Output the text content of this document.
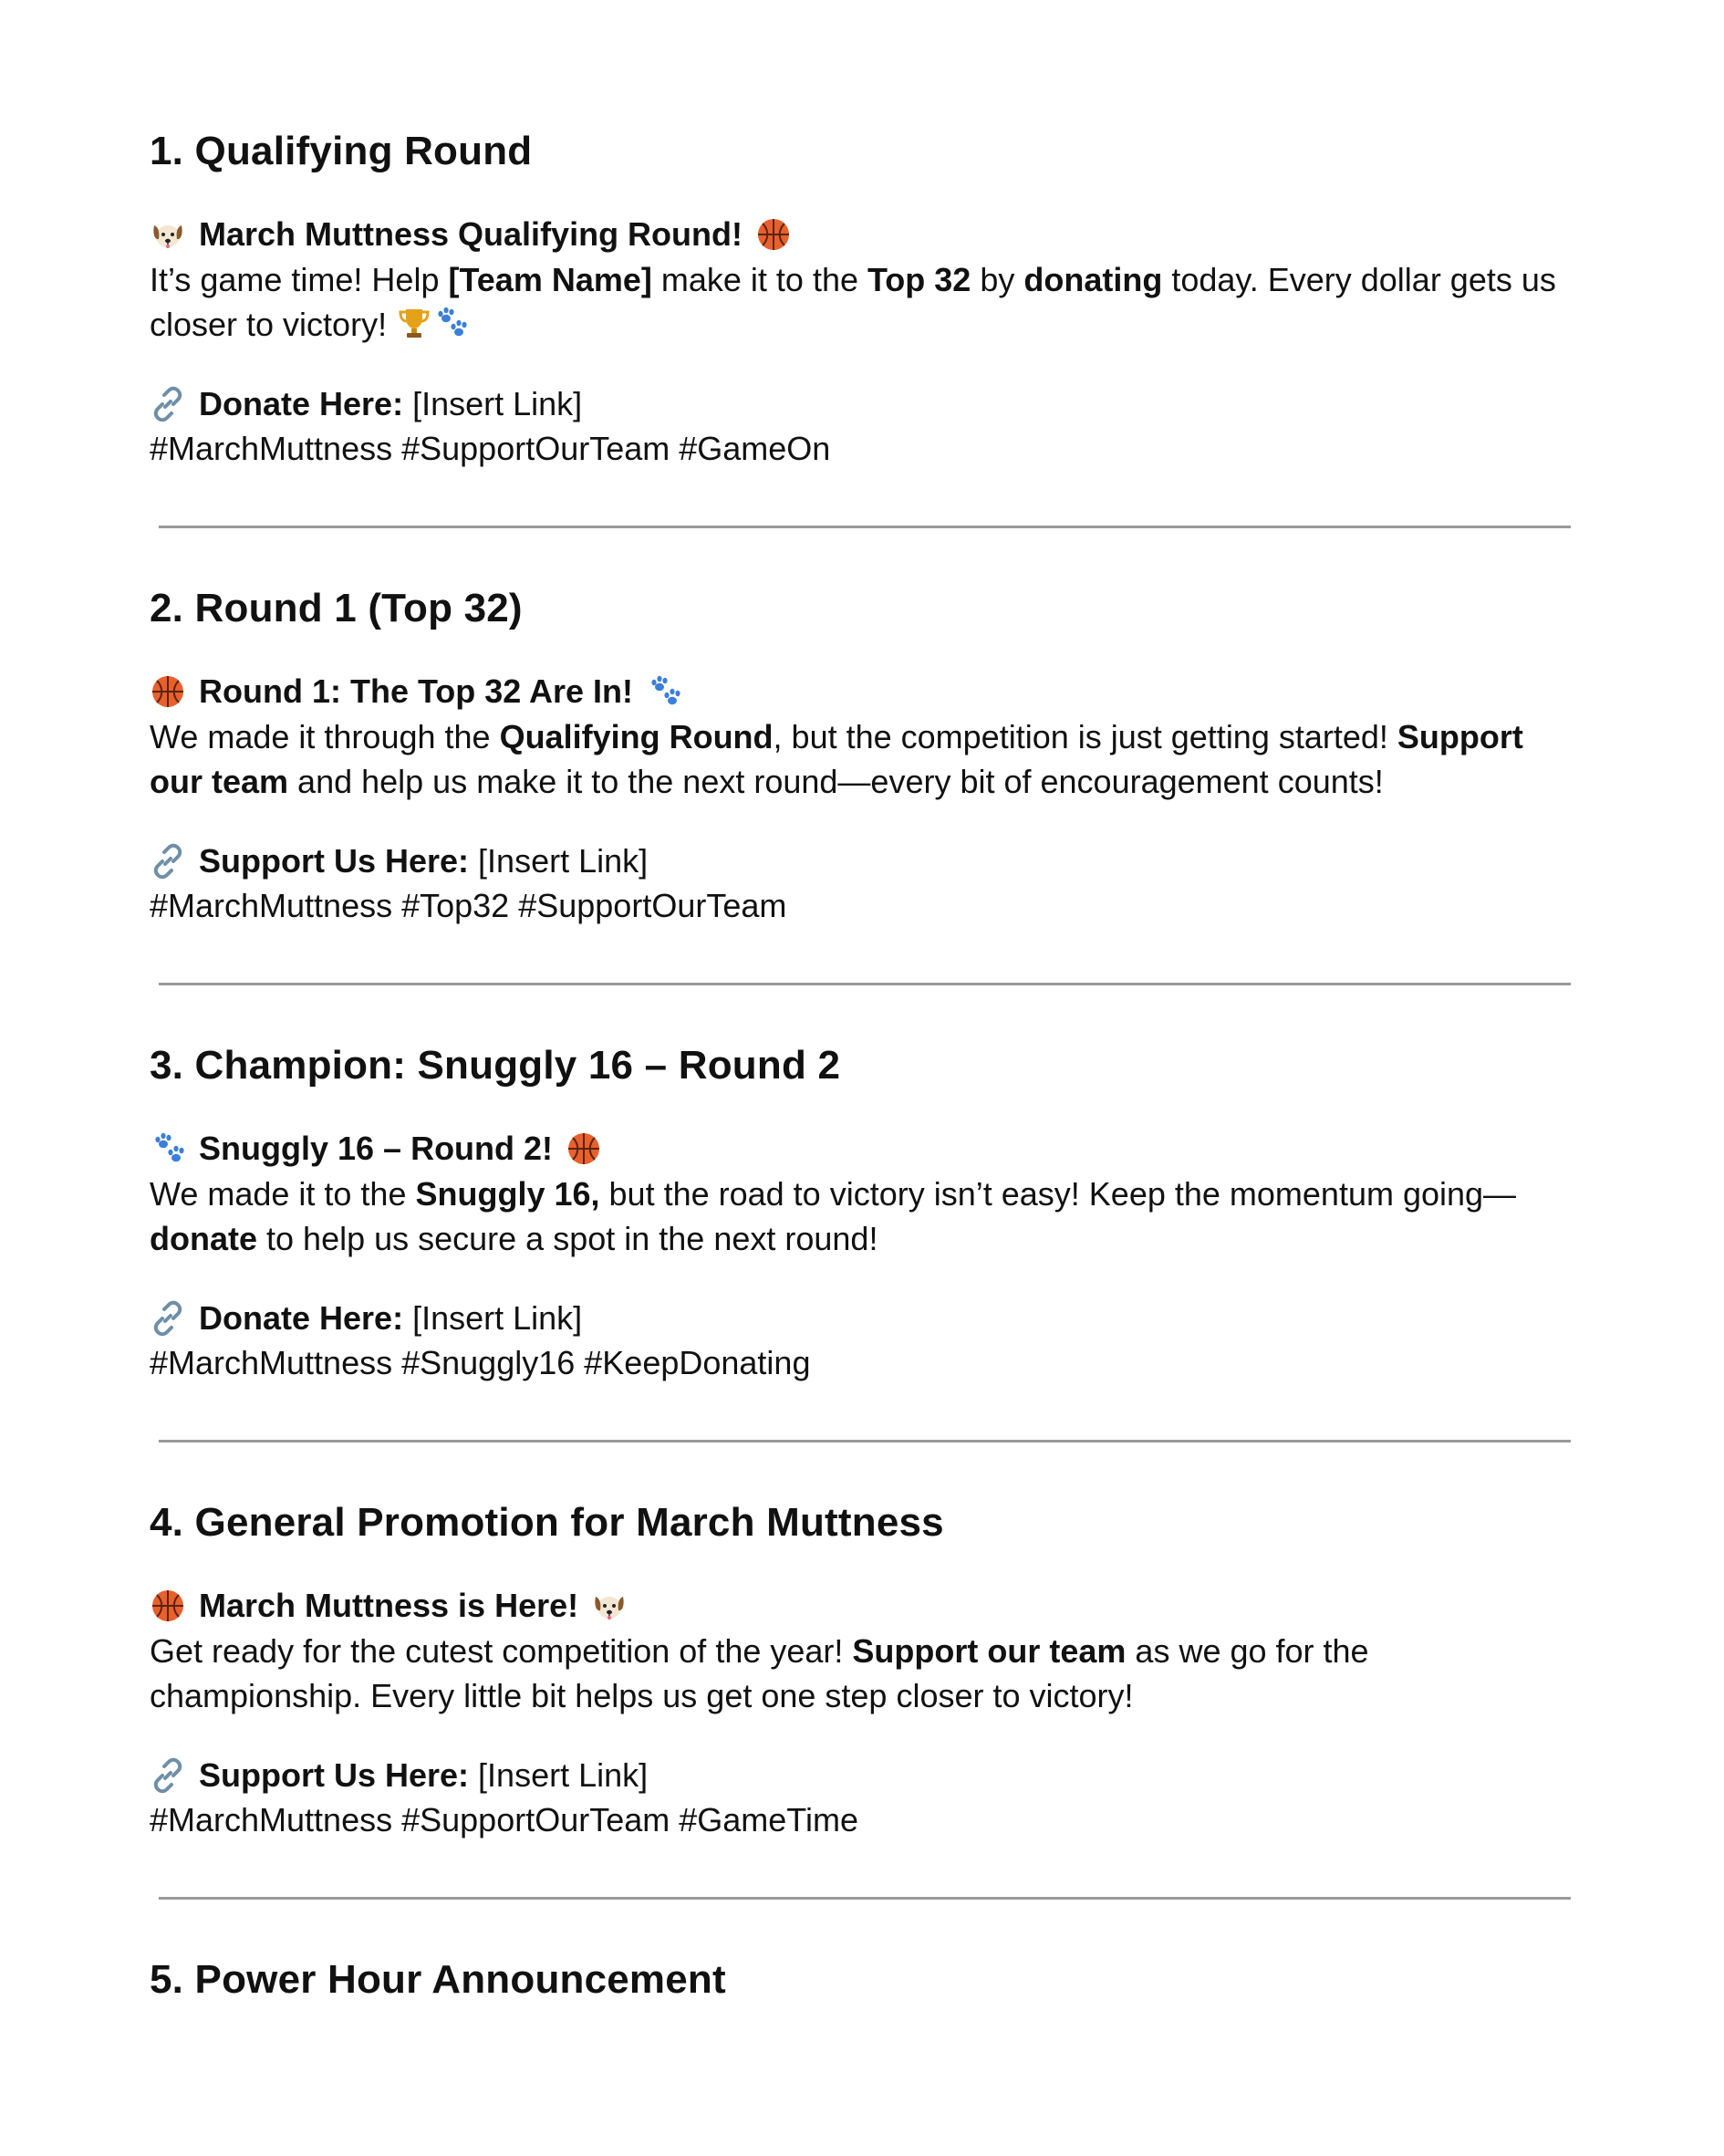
1. Qualifying Round

March Muttness Qualifying Round!

It’s game time! Help [Team Name] make it to the Top 32 by donating today. Every dollar gets us closer to victory!

Donate Here: [Insert Link]

#MarchMuttness #SupportOurTeam #GameOn

2. Round 1 (Top 32)

Round 1: The Top 32 Are In!

We made it through the Qualifying Round, but the competition is just getting started! Support our team and help us make it to the next round—every bit of encouragement counts!

Support Us Here: [Insert Link]

#MarchMuttness #Top32 #SupportOurTeam

3. Champion: Snuggly 16 – Round 2

Snuggly 16 – Round 2!

We made it to the Snuggly 16, but the road to victory isn’t easy! Keep the momentum going—donate to help us secure a spot in the next round!

Donate Here: [Insert Link]

#MarchMuttness #Snuggly16 #KeepDonating

4. General Promotion for March Muttness

March Muttness is Here!

Get ready for the cutest competition of the year! Support our team as we go for the championship. Every little bit helps us get one step closer to victory!

Support Us Here: [Insert Link]

#MarchMuttness #SupportOurTeam #GameTime

5. Power Hour Announcement
